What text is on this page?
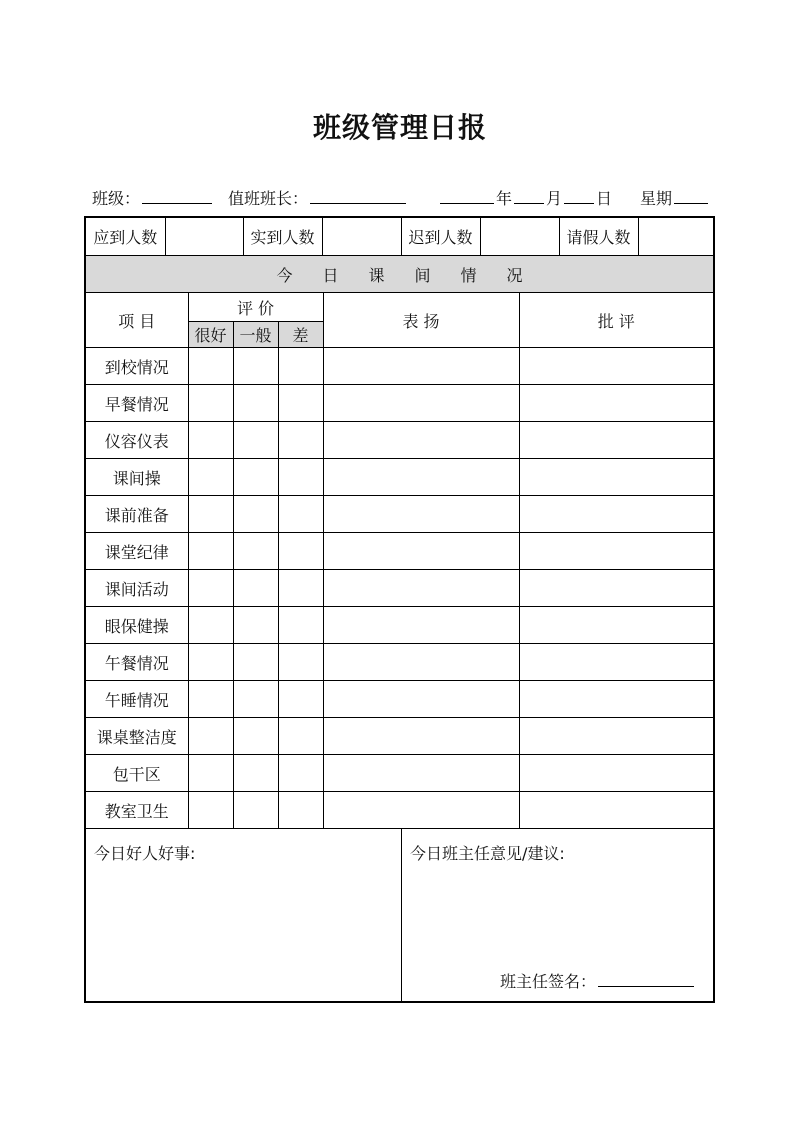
班级管理日报
班级：	值班班长：	年 月 日 星期
应到人数		实到人数		迟到人数		请假人数	

今日课间情况
项 目	评 价	表 扬	批 评
很好	一般	差
到校情况					
早餐情况					
仪容仪表					
课间操					
课前准备					
课堂纪律					
课间活动					
眼保健操					
午餐情况					
午睡情况					
课桌整洁度					
包干区					
教室卫生					
今日好人好事:	今日班主任意见/建议:
班主任签名：
